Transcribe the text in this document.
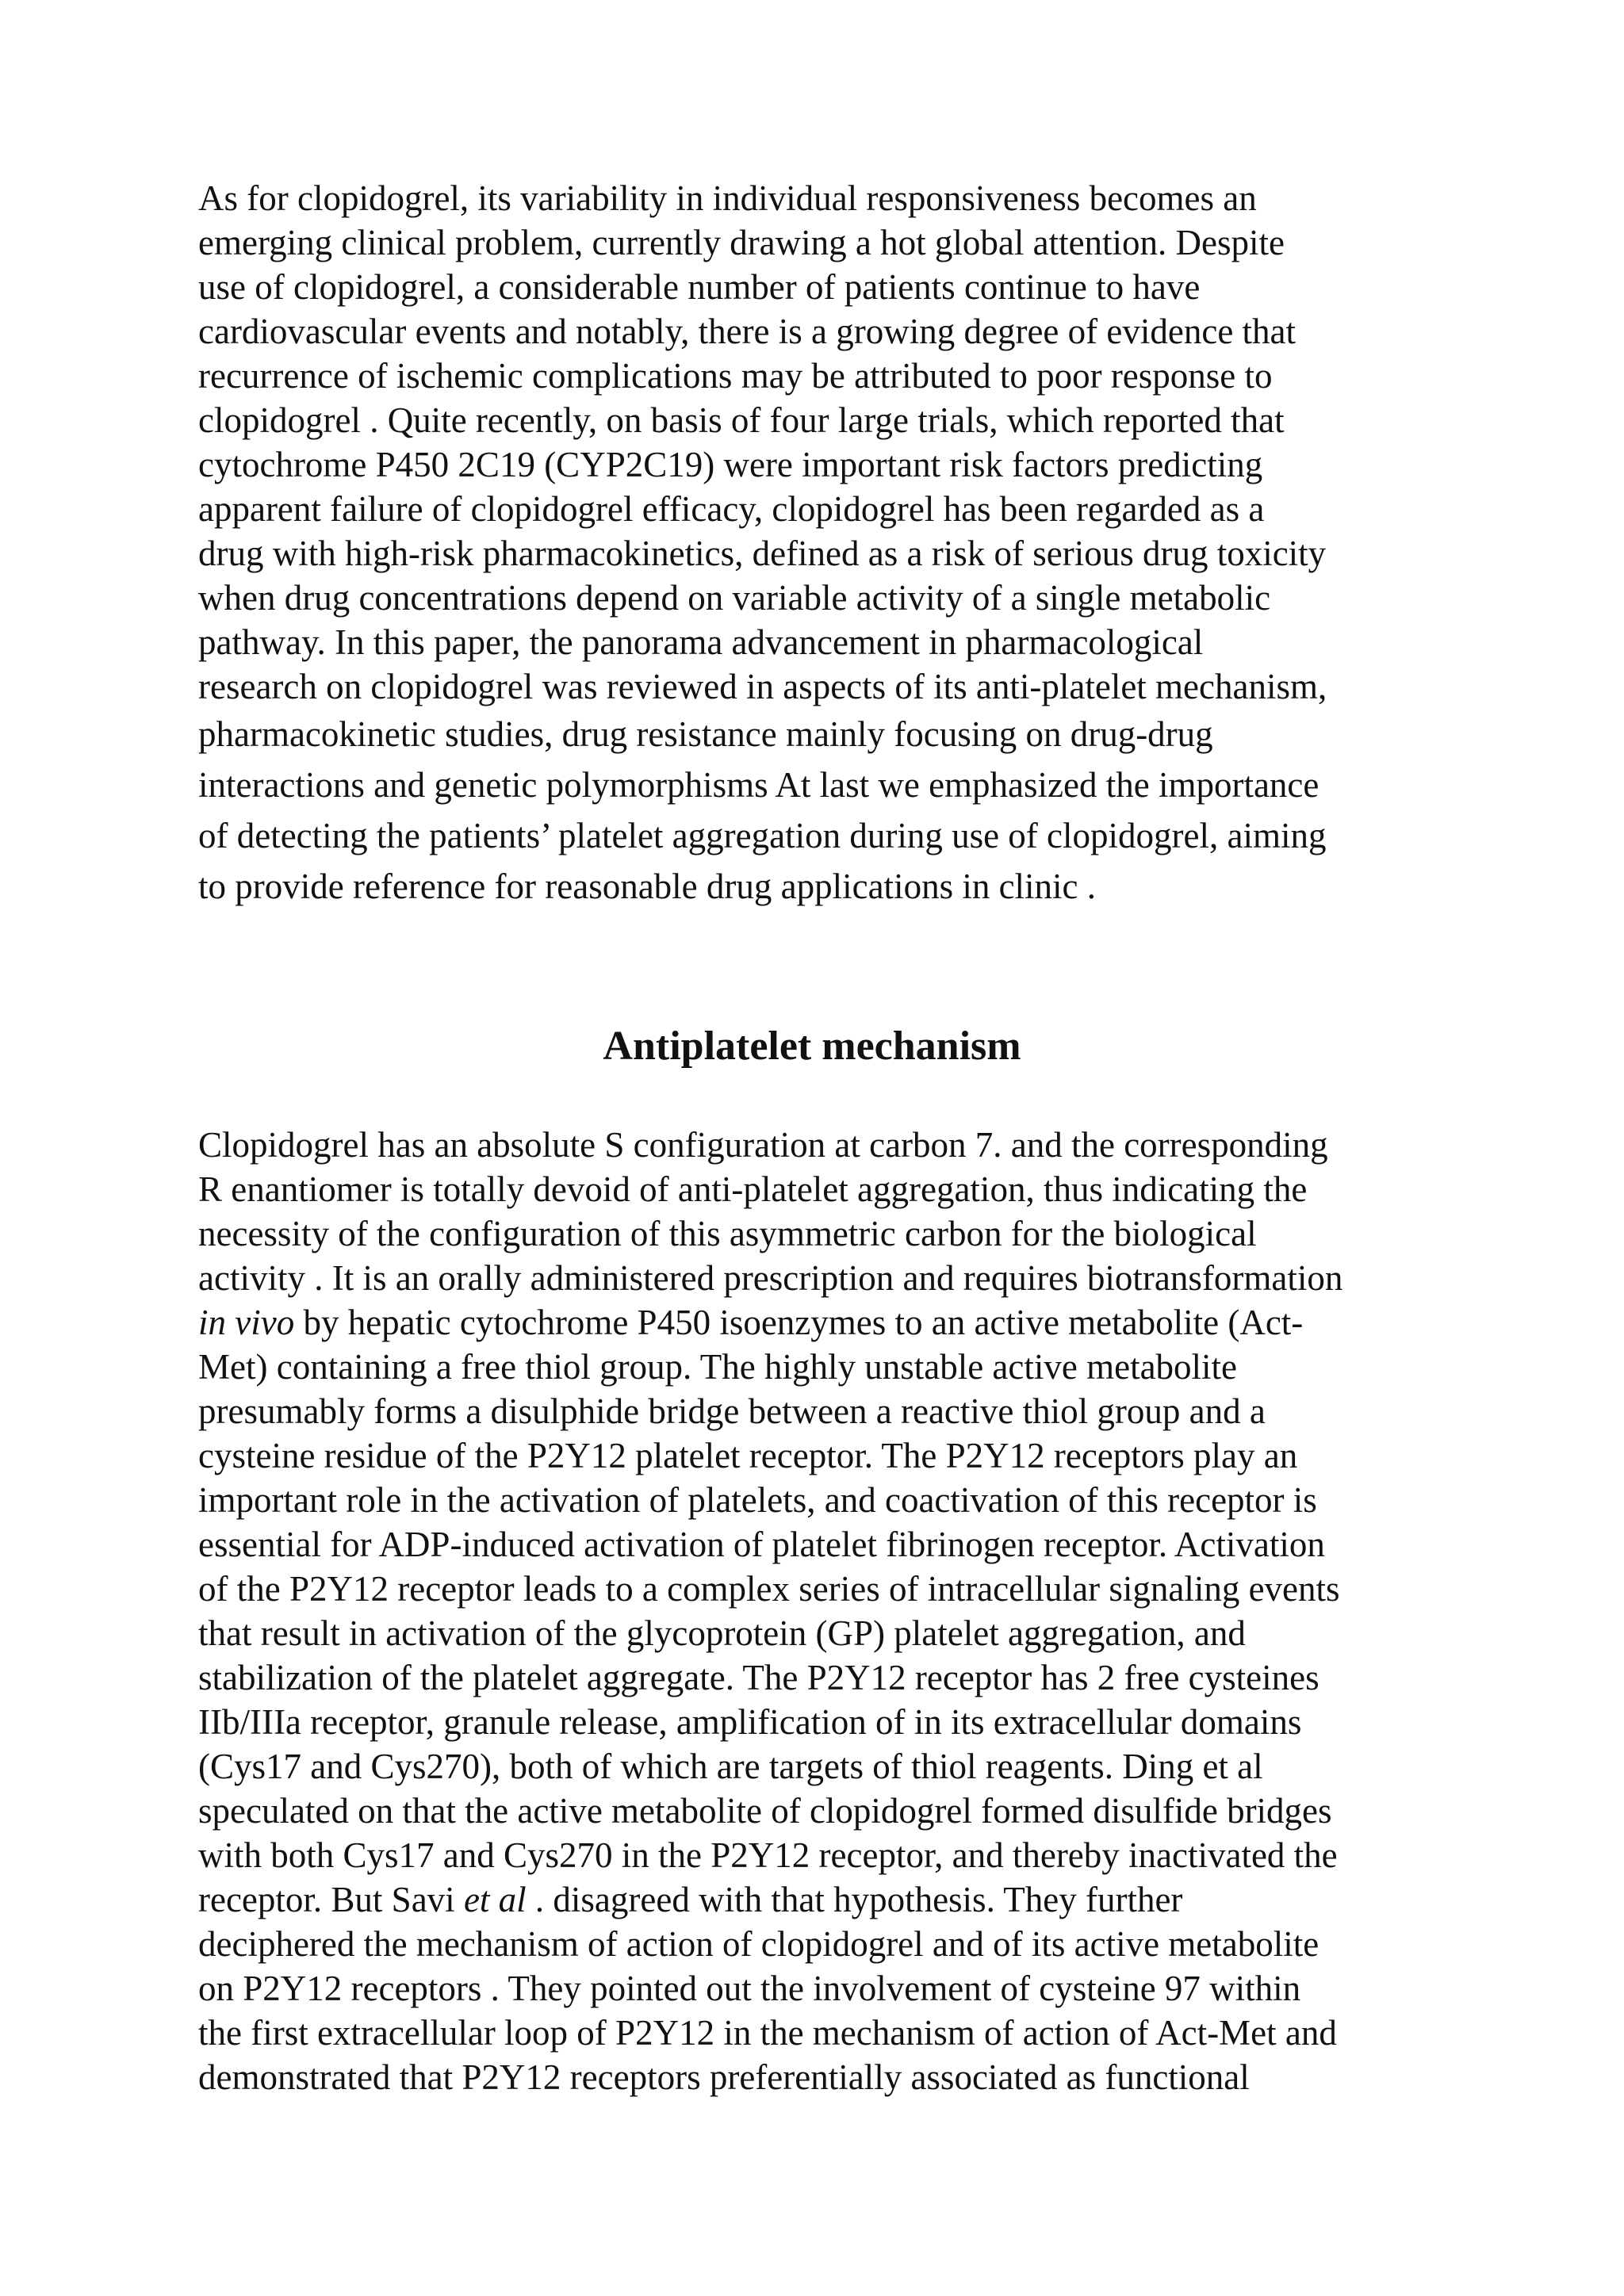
As for clopidogrel, its variability in individual responsiveness becomes an
emerging clinical problem, currently drawing a hot global attention. Despite
use of clopidogrel, a considerable number of patients continue to have
cardiovascular events and notably, there is a growing degree of evidence that
recurrence of ischemic complications may be attributed to poor response to
clopidogrel . Quite recently, on basis of four large trials, which reported that
cytochrome P450 2C19 (CYP2C19) were important risk factors predicting
apparent failure of clopidogrel efficacy, clopidogrel has been regarded as a
drug with high-risk pharmacokinetics, defined as a risk of serious drug toxicity
when drug concentrations depend on variable activity of a single metabolic
pathway. In this paper, the panorama advancement in pharmacological
research on clopidogrel was reviewed in aspects of its anti-platelet mechanism,
pharmacokinetic studies, drug resistance mainly focusing on drug-drug
interactions and genetic polymorphisms At last we emphasized the importance
of detecting the patients’ platelet aggregation during use of clopidogrel, aiming
to provide reference for reasonable drug applications in clinic .
Antiplatelet mechanism
Clopidogrel has an absolute S configuration at carbon 7. and the corresponding
R enantiomer is totally devoid of anti-platelet aggregation, thus indicating the
necessity of the configuration of this asymmetric carbon for the biological
activity . It is an orally administered prescription and requires biotransformation
in vivo by hepatic cytochrome P450 isoenzymes to an active metabolite (Act-
Met) containing a free thiol group. The highly unstable active metabolite
presumably forms a disulphide bridge between a reactive thiol group and a
cysteine residue of the P2Y12 platelet receptor. The P2Y12 receptors play an
important role in the activation of platelets, and coactivation of this receptor is
essential for ADP-induced activation of platelet fibrinogen receptor. Activation
of the P2Y12 receptor leads to a complex series of intracellular signaling events
that result in activation of the glycoprotein (GP) platelet aggregation, and
stabilization of the platelet aggregate. The P2Y12 receptor has 2 free cysteines
IIb/IIIa receptor, granule release, amplification of in its extracellular domains
(Cys17 and Cys270), both of which are targets of thiol reagents. Ding et al
speculated on that the active metabolite of clopidogrel formed disulfide bridges
with both Cys17 and Cys270 in the P2Y12 receptor, and thereby inactivated the
receptor. But Savi et al . disagreed with that hypothesis. They further
deciphered the mechanism of action of clopidogrel and of its active metabolite
on P2Y12 receptors . They pointed out the involvement of cysteine 97 within
the first extracellular loop of P2Y12 in the mechanism of action of Act-Met and
demonstrated that P2Y12 receptors preferentially associated as functional
